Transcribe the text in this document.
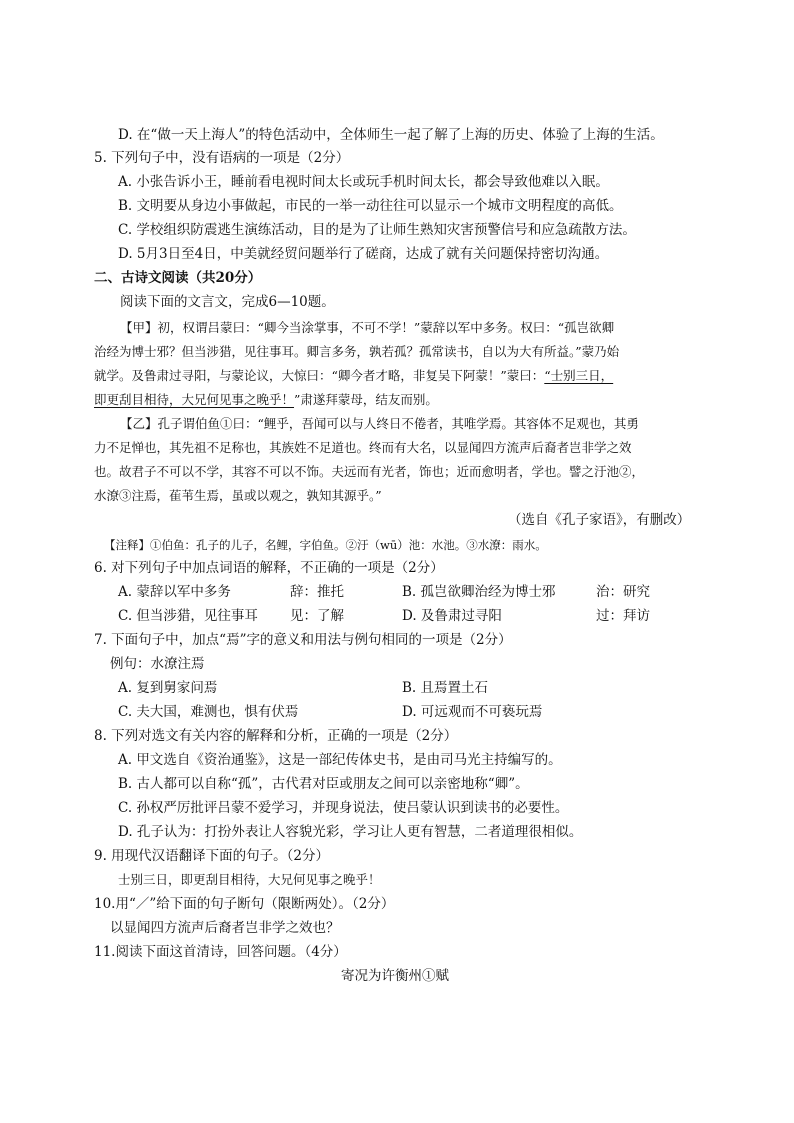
D. 在“做一天上海人”的特色活动中，全体师生一起了解了上海的历史、体验了上海的生活。
5. 下列句子中，没有语病的一项是（2分）
A. 小张告诉小王，睡前看电视时间太长或玩手机时间太长，都会导致他难以入眠。
B. 文明要从身边小事做起，市民的一举一动往往可以显示一个城市文明程度的高低。
C. 学校组织防震逃生演练活动，目的是为了让师生熟知灾害预警信号和应急疏散方法。
D. 5月3日至4日，中美就经贸问题举行了磋商，达成了就有关问题保持密切沟通。
二、古诗文阅读（共20分）
阅读下面的文言文，完成6—10题。
【甲】初，权谓吕蒙曰：“卿今当涂掌事，不可不学！”蒙辞以军中多务。权曰：“孤岂欲卿
治经为博士邪？但当涉猎，见往事耳。卿言多务，孰若孤？孤常读书，自以为大有所益。”蒙乃始
就学。及鲁肃过寻阳，与蒙论议，大惊曰：“卿今者才略，非复吴下阿蒙！”蒙曰：“士别三日，
即更刮目相待，大兄何见事之晚乎！”肃遂拜蒙母，结友而别。
【乙】孔子谓伯鱼①曰：“鲤乎，吾闻可以与人终日不倦者，其唯学焉。其容体不足观也，其勇
力不足惮也，其先祖不足称也，其族姓不足道也。终而有大名，以显闻四方流声后裔者岂非学之效
也。故君子不可以不学，其容不可以不饰。夫远而有光者，饰也；近而愈明者，学也。譬之汙池②，
水潦③注焉，萑苇生焉，虽或以观之，孰知其源乎。”
（选自《孔子家语》，有删改）
【注释】①伯鱼：孔子的儿子，名鲤，字伯鱼。②汙（wū）池：水池。③水潦：雨水。
6. 对下列句子中加点词语的解释，不正确的一项是（2分）
A. 蒙辞以军中多务	辞：推托	B. 孤岂欲卿治经为博士邪	治：研究
C. 但当涉猎，见往事耳 见：了解	D. 及鲁肃过寻阳	过：拜访
7. 下面句子中，加点“焉”字的意义和用法与例句相同的一项是（2分）
例句：水潦注焉
A. 复到舅家问焉	B. 且焉置土石
C. 夫大国，难测也，惧有伏焉	D. 可远观而不可亵玩焉
8. 下列对选文有关内容的解释和分析，正确的一项是（2分）
A. 甲文选自《资治通鉴》，这是一部纪传体史书，是由司马光主持编写的。
B. 古人都可以自称“孤”，古代君对臣或朋友之间可以亲密地称“卿”。
C. 孙权严厉批评吕蒙不爱学习，并现身说法，使吕蒙认识到读书的必要性。
D. 孔子认为：打扮外表让人容貌光彩，学习让人更有智慧，二者道理很相似。
9. 用现代汉语翻译下面的句子。（2分）
士别三日，即更刮目相待，大兄何见事之晚乎！
10.用“／”给下面的句子断句（限断两处）。（2分）
以显闻四方流声后裔者岂非学之效也？
11.阅读下面这首清诗，回答问题。（4分）
寄况为许衡州①赋
